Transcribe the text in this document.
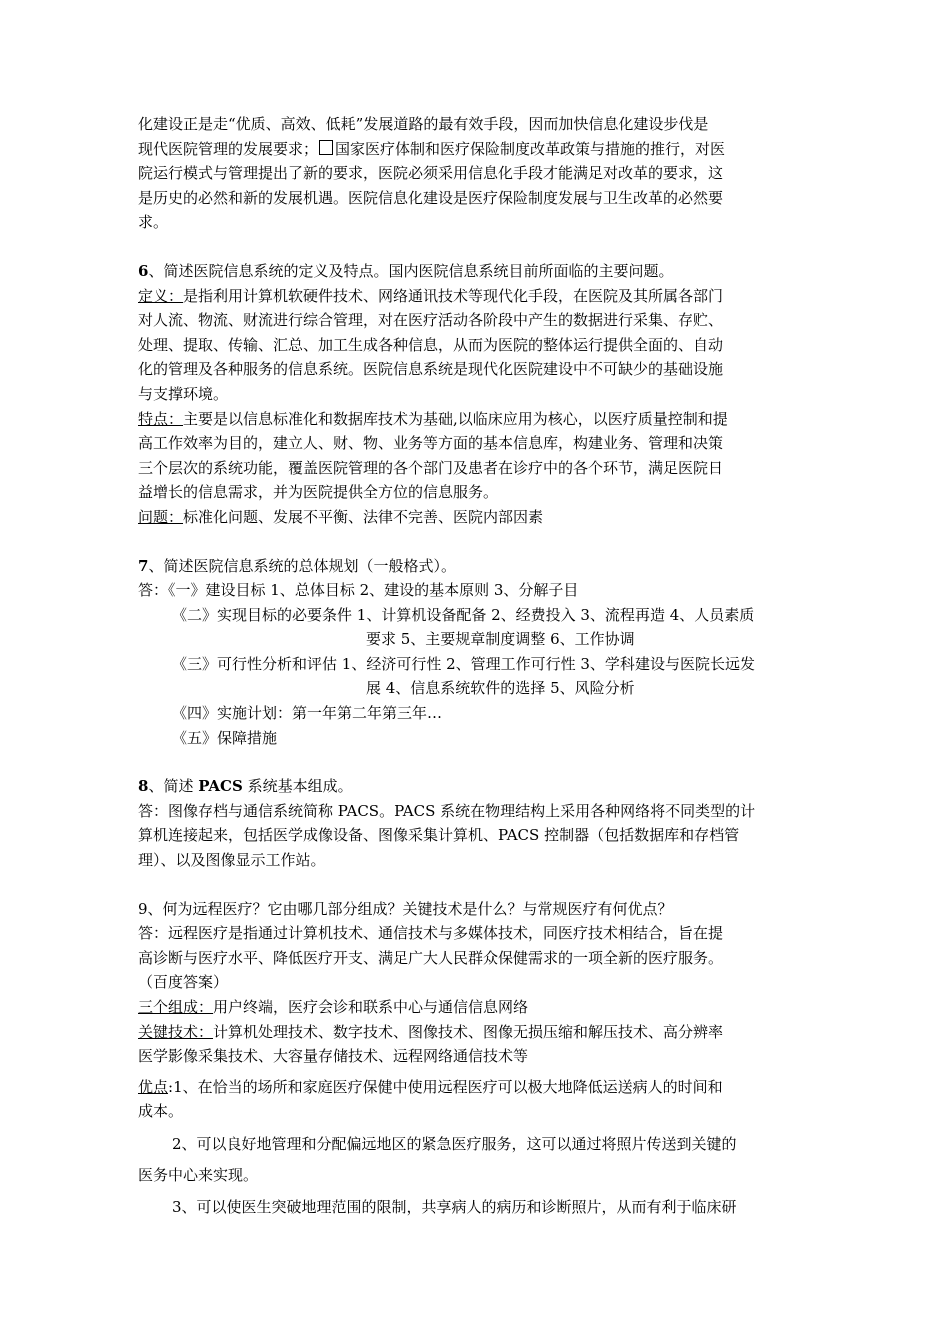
化建设正是走“优质、高效、低耗”发展道路的最有效手段，因而加快信息化建设步伐是

现代医院管理的发展要求； 国家医疗体制和医疗保险制度改革政策与措施的推行，对医

院运行模式与管理提出了新的要求，医院必须采用信息化手段才能满足对改革的要求，这

是历史的必然和新的发展机遇。医院信息化建设是医疗保险制度发展与卫生改革的必然要

求。

6、简述医院信息系统的定义及特点。国内医院信息系统目前所面临的主要问题。

定义：是指利用计算机软硬件技术、网络通讯技术等现代化手段，在医院及其所属各部门

对人流、物流、财流进行综合管理，对在医疗活动各阶段中产生的数据进行采集、存贮、

处理、提取、传输、汇总、加工生成各种信息，从而为医院的整体运行提供全面的、自动

化的管理及各种服务的信息系统。医院信息系统是现代化医院建设中不可缺少的基础设施

与支撑环境。

特点：主要是以信息标准化和数据库技术为基础,以临床应用为核心，以医疗质量控制和提

高工作效率为目的，建立人、财、物、业务等方面的基本信息库，构建业务、管理和决策

三个层次的系统功能，覆盖医院管理的各个部门及患者在诊疗中的各个环节，满足医院日

益增长的信息需求，并为医院提供全方位的信息服务。

问题：标准化问题、发展不平衡、法律不完善、医院内部因素

7、简述医院信息系统的总体规划（一般格式）。

答：《一》建设目标 1、总体目标 2、建设的基本原则 3、分解子目

《二》实现目标的必要条件 1、计算机设备配备 2、经费投入 3、流程再造 4、人员素质

要求 5、主要规章制度调整 6、工作协调

《三》可行性分析和评估 1、经济可行性 2、管理工作可行性 3、学科建设与医院长远发

展 4、信息系统软件的选择 5、风险分析

《四》实施计划：第一年第二年第三年…

《五》保障措施

8、简述 PACS 系统基本组成。

答：图像存档与通信系统简称 PACS。PACS 系统在物理结构上采用各种网络将不同类型的计

算机连接起来，包括医学成像设备、图像采集计算机、PACS 控制器（包括数据库和存档管

理）、以及图像显示工作站。

9、何为远程医疗？它由哪几部分组成？关键技术是什么？与常规医疗有何优点？

答：远程医疗是指通过计算机技术、通信技术与多媒体技术，同医疗技术相结合，旨在提

高诊断与医疗水平、降低医疗开支、满足广大人民群众保健需求的一项全新的医疗服务。

（百度答案）

三个组成：用户终端，医疗会诊和联系中心与通信信息网络

关键技术：计算机处理技术、数字技术、图像技术、图像无损压缩和解压技术、高分辨率

医学影像采集技术、大容量存储技术、远程网络通信技术等

优点:1、在恰当的场所和家庭医疗保健中使用远程医疗可以极大地降低运送病人的时间和

成本。

2、可以良好地管理和分配偏远地区的紧急医疗服务，这可以通过将照片传送到关键的

医务中心来实现。

3、可以使医生突破地理范围的限制，共享病人的病历和诊断照片，从而有利于临床研
